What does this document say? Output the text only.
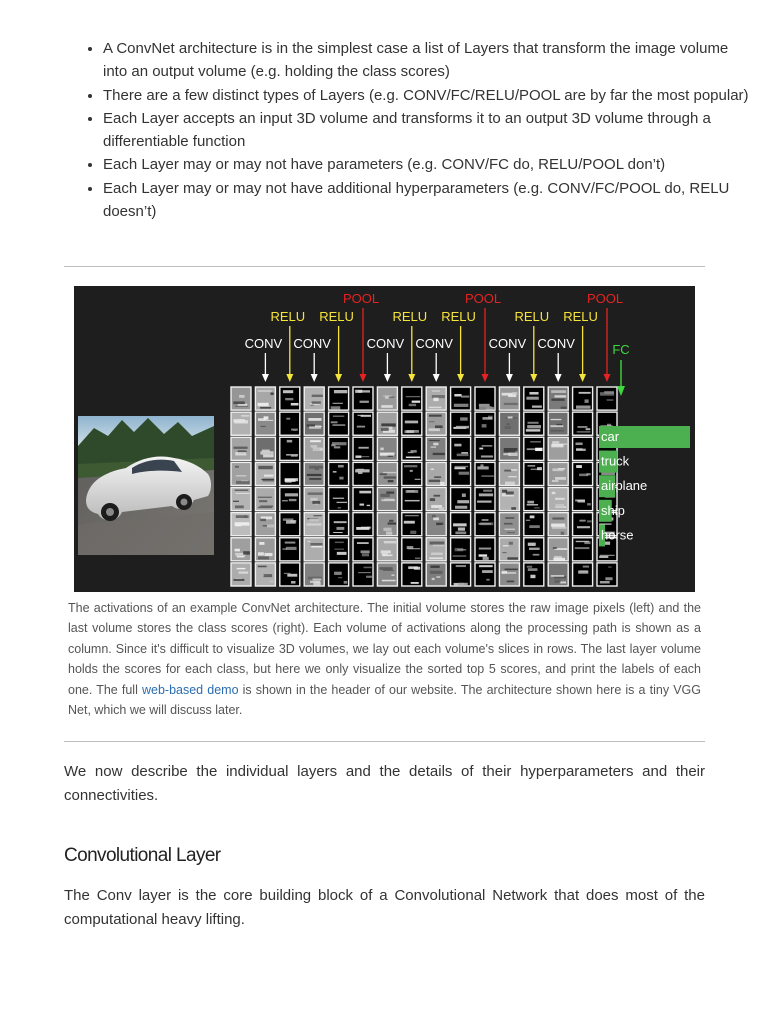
• A ConvNet architecture is in the simplest case a list of Layers that transform the image volume into an output volume (e.g. holding the class scores)
• There are a few distinct types of Layers (e.g. CONV/FC/RELU/POOL are by far the most popular)
• Each Layer accepts an input 3D volume and transforms it to an output 3D volume through a differentiable function
• Each Layer may or may not have parameters (e.g. CONV/FC do, RELU/POOL don’t)
• Each Layer may or may not have additional hyperparameters (e.g. CONV/FC/POOL do, RELU doesn’t)
CONV
RELU
CONV
RELU
POOL
CONV
RELU
CONV
RELU
POOL
CONV
RELU
CONV
RELU
POOL
FC
car
truck
airplane
ship
horse
The activations of an example ConvNet architecture. The initial volume stores the raw image pixels (left) and the last volume stores the class scores (right). Each volume of activations along the processing path is shown as a column. Since it's difficult to visualize 3D volumes, we lay out each volume's slices in rows. The last layer volume holds the scores for each class, but here we only visualize the sorted top 5 scores, and print the labels of each one. The full web-based demo is shown in the header of our website. The architecture shown here is a tiny VGG Net, which we will discuss later.
We now describe the individual layers and the details of their hyperparameters and their connectivities.
Convolutional Layer
The Conv layer is the core building block of a Convolutional Network that does most of the computational heavy lifting.
